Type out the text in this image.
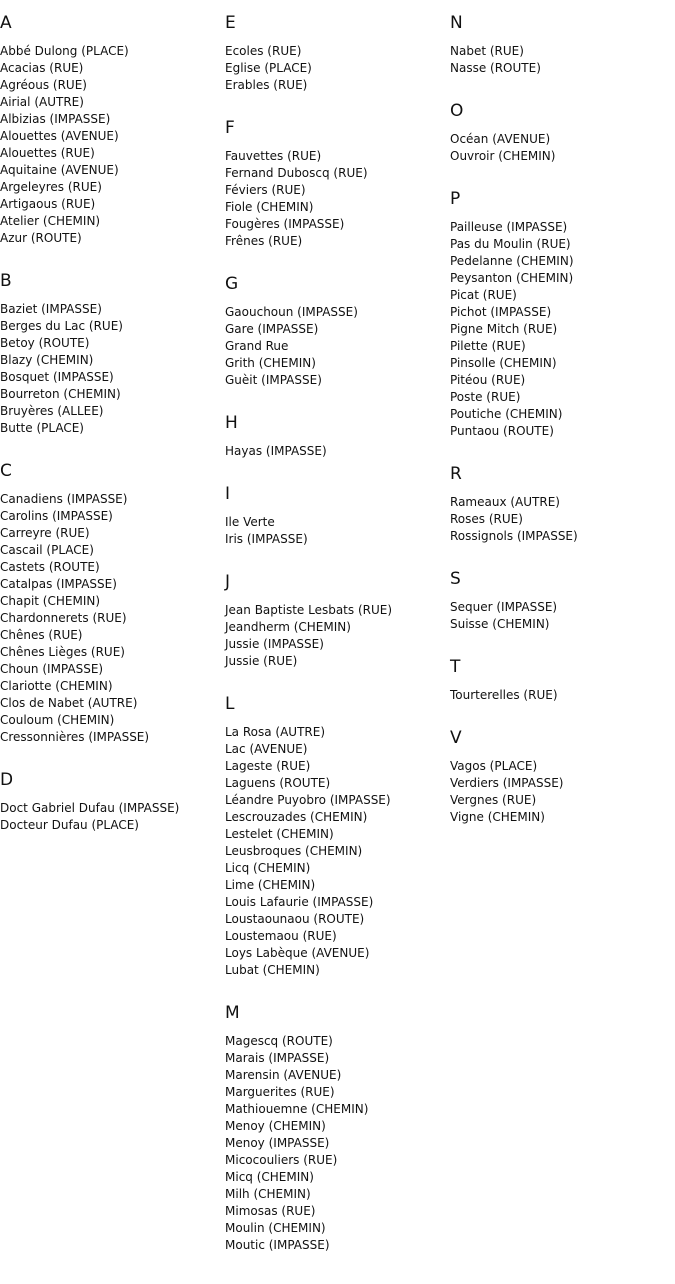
A
Abbé Dulong (PLACE)
Acacias (RUE)
Agréous (RUE)
Airial (AUTRE)
Albizias (IMPASSE)
Alouettes (AVENUE)
Alouettes (RUE)
Aquitaine (AVENUE)
Argeleyres (RUE)
Artigaous (RUE)
Atelier (CHEMIN)
Azur (ROUTE)
B
Baziet (IMPASSE)
Berges du Lac (RUE)
Betoy (ROUTE)
Blazy (CHEMIN)
Bosquet (IMPASSE)
Bourreton (CHEMIN)
Bruyères (ALLEE)
Butte (PLACE)
C
Canadiens (IMPASSE)
Carolins (IMPASSE)
Carreyre (RUE)
Cascail (PLACE)
Castets (ROUTE)
Catalpas (IMPASSE)
Chapit (CHEMIN)
Chardonnerets (RUE)
Chênes (RUE)
Chênes Lièges (RUE)
Choun (IMPASSE)
Clariotte (CHEMIN)
Clos de Nabet (AUTRE)
Couloum (CHEMIN)
Cressonnières (IMPASSE)
D
Doct Gabriel Dufau (IMPASSE)
Docteur Dufau (PLACE)
E
Ecoles (RUE)
Eglise (PLACE)
Erables (RUE)
F
Fauvettes (RUE)
Fernand Duboscq (RUE)
Féviers (RUE)
Fiole (CHEMIN)
Fougères (IMPASSE)
Frênes (RUE)
G
Gaouchoun (IMPASSE)
Gare (IMPASSE)
Grand Rue
Grith (CHEMIN)
Guèit (IMPASSE)
H
Hayas (IMPASSE)
I
Ile Verte
Iris (IMPASSE)
J
Jean Baptiste Lesbats (RUE)
Jeandherm (CHEMIN)
Jussie (IMPASSE)
Jussie (RUE)
L
La Rosa (AUTRE)
Lac (AVENUE)
Lageste (RUE)
Laguens (ROUTE)
Léandre Puyobro (IMPASSE)
Lescrouzades (CHEMIN)
Lestelet (CHEMIN)
Leusbroques (CHEMIN)
Licq (CHEMIN)
Lime (CHEMIN)
Louis Lafaurie (IMPASSE)
Loustaounaou (ROUTE)
Loustemaou (RUE)
Loys Labèque (AVENUE)
Lubat (CHEMIN)
M
Magescq (ROUTE)
Marais (IMPASSE)
Marensin (AVENUE)
Marguerites (RUE)
Mathiouemne (CHEMIN)
Menoy (CHEMIN)
Menoy (IMPASSE)
Micocouliers (RUE)
Micq (CHEMIN)
Milh (CHEMIN)
Mimosas (RUE)
Moulin (CHEMIN)
Moutic (IMPASSE)
N
Nabet (RUE)
Nasse (ROUTE)
O
Océan (AVENUE)
Ouvroir (CHEMIN)
P
Pailleuse (IMPASSE)
Pas du Moulin (RUE)
Pedelanne (CHEMIN)
Peysanton (CHEMIN)
Picat (RUE)
Pichot (IMPASSE)
Pigne Mitch (RUE)
Pilette (RUE)
Pinsolle (CHEMIN)
Pitéou (RUE)
Poste (RUE)
Poutiche (CHEMIN)
Puntaou (ROUTE)
R
Rameaux (AUTRE)
Roses (RUE)
Rossignols (IMPASSE)
S
Sequer (IMPASSE)
Suisse (CHEMIN)
T
Tourterelles (RUE)
V
Vagos (PLACE)
Verdiers (IMPASSE)
Vergnes (RUE)
Vigne (CHEMIN)
